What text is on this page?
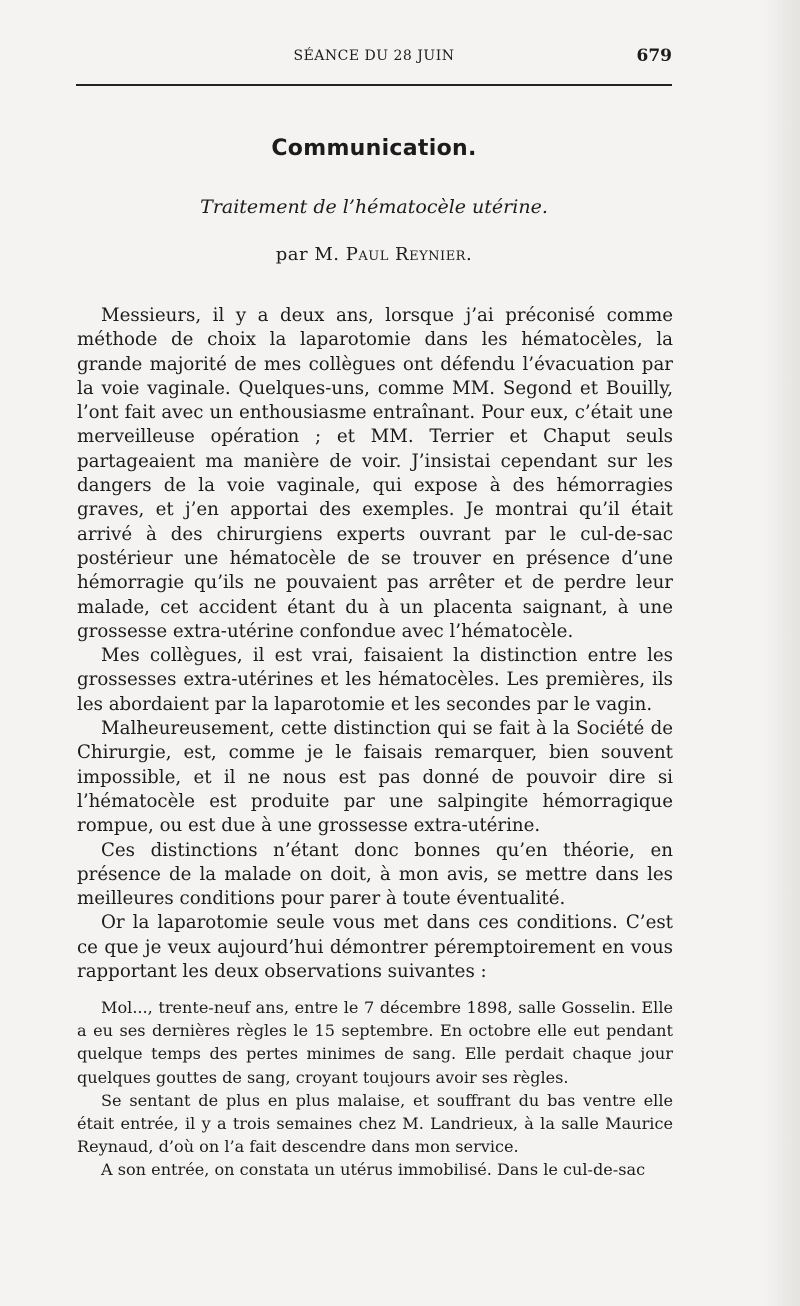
SÉANCE DU 28 JUIN	679
Communication.
Traitement de l’hématocèle utérine.
par M. Paul Reynier.

Messieurs, il y a deux ans, lorsque j’ai préconisé comme méthode de choix la laparotomie dans les hématocèles, la grande majorité de mes collègues ont défendu l’évacuation par la voie vaginale. Quelques-uns, comme MM. Segond et Bouilly, l’ont fait avec un enthousiasme entraînant. Pour eux, c’était une merveilleuse opération ; et MM. Terrier et Chaput seuls partageaient ma manière de voir. J’insistai cependant sur les dangers de la voie vaginale, qui expose à des hémorragies graves, et j’en apportai des exemples. Je montrai qu’il était arrivé à des chirurgiens experts ouvrant par le cul-de-sac postérieur une hématocèle de se trouver en présence d’une hémorragie qu’ils ne pouvaient pas arrêter et de perdre leur malade, cet accident étant du à un placenta saignant, à une grossesse extra-utérine confondue avec l’hématocèle.

Mes collègues, il est vrai, faisaient la distinction entre les grossesses extra-utérines et les hématocèles. Les premières, ils les abordaient par la laparotomie et les secondes par le vagin.

Malheureusement, cette distinction qui se fait à la Société de Chirurgie, est, comme je le faisais remarquer, bien souvent impossible, et il ne nous est pas donné de pouvoir dire si l’hématocèle est produite par une salpingite hémorragique rompue, ou est due à une grossesse extra-utérine.

Ces distinctions n’étant donc bonnes qu’en théorie, en présence de la malade on doit, à mon avis, se mettre dans les meilleures conditions pour parer à toute éventualité.

Or la laparotomie seule vous met dans ces conditions. C’est ce que je veux aujourd’hui démontrer péremptoirement en vous rapportant les deux observations suivantes :

Mol..., trente-neuf ans, entre le 7 décembre 1898, salle Gosselin. Elle a eu ses dernières règles le 15 septembre. En octobre elle eut pendant quelque temps des pertes minimes de sang. Elle perdait chaque jour quelques gouttes de sang, croyant toujours avoir ses règles.

Se sentant de plus en plus malaise, et souffrant du bas ventre elle était entrée, il y a trois semaines chez M. Landrieux, à la salle Maurice Reynaud, d’où on l’a fait descendre dans mon service.

A son entrée, on constata un utérus immobilisé. Dans le cul-de-sac
